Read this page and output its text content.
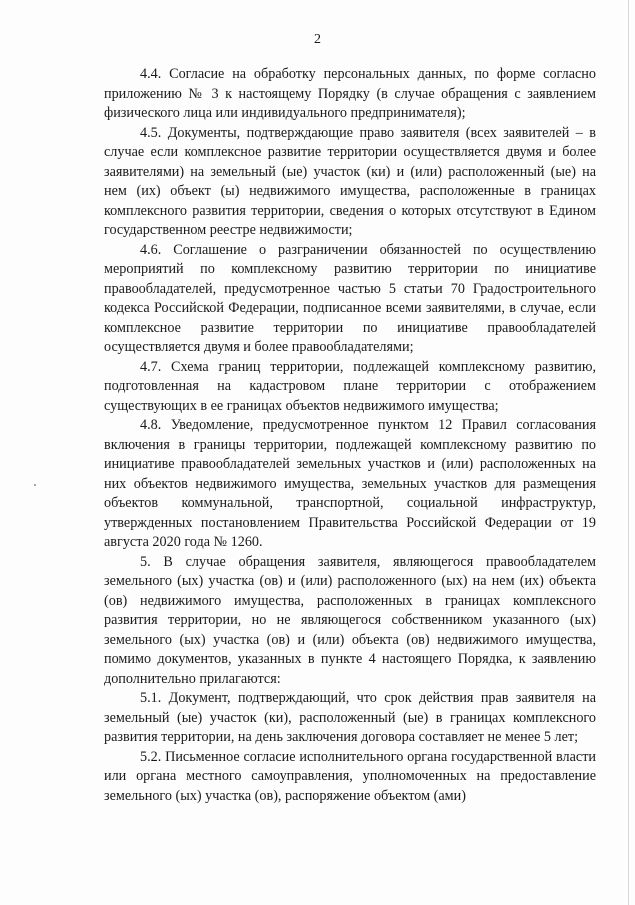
2

4.4. Согласие на обработку персональных данных, по форме согласно приложению № 3 к настоящему Порядку (в случае обращения с заявлением физического лица или индивидуального предпринимателя);

4.5. Документы, подтверждающие право заявителя (всех заявителей – в случае если комплексное развитие территории осуществляется двумя и более заявителями) на земельный (ые) участок (ки) и (или) расположенный (ые) на нем (их) объект (ы) недвижимого имущества, расположенные в границах комплексного развития территории, сведения о которых отсутствуют в Едином государственном реестре недвижимости;

4.6. Соглашение о разграничении обязанностей по осуществлению мероприятий по комплексному развитию территории по инициативе правообладателей, предусмотренное частью 5 статьи 70 Градостроительного кодекса Российской Федерации, подписанное всеми заявителями, в случае, если комплексное развитие территории по инициативе правообладателей осуществляется двумя и более правообладателями;

4.7. Схема границ территории, подлежащей комплексному развитию, подготовленная на кадастровом плане территории с отображением существующих в ее границах объектов недвижимого имущества;

4.8. Уведомление, предусмотренное пунктом 12 Правил согласования включения в границы территории, подлежащей комплексному развитию по инициативе правообладателей земельных участков и (или) расположенных на них объектов недвижимого имущества, земельных участков для размещения объектов коммунальной, транспортной, социальной инфраструктур, утвержденных постановлением Правительства Российской Федерации от 19 августа 2020 года № 1260.

5. В случае обращения заявителя, являющегося правообладателем земельного (ых) участка (ов) и (или) расположенного (ых) на нем (их) объекта (ов) недвижимого имущества, расположенных в границах комплексного развития территории, но не являющегося собственником указанного (ых) земельного (ых) участка (ов) и (или) объекта (ов) недвижимого имущества, помимо документов, указанных в пункте 4 настоящего Порядка, к заявлению дополнительно прилагаются:

5.1. Документ, подтверждающий, что срок действия прав заявителя на земельный (ые) участок (ки), расположенный (ые) в границах комплексного развития территории, на день заключения договора составляет не менее 5 лет;

5.2. Письменное согласие исполнительного органа государственной власти или органа местного самоуправления, уполномоченных на предоставление земельного (ых) участка (ов), распоряжение объектом (ами)
